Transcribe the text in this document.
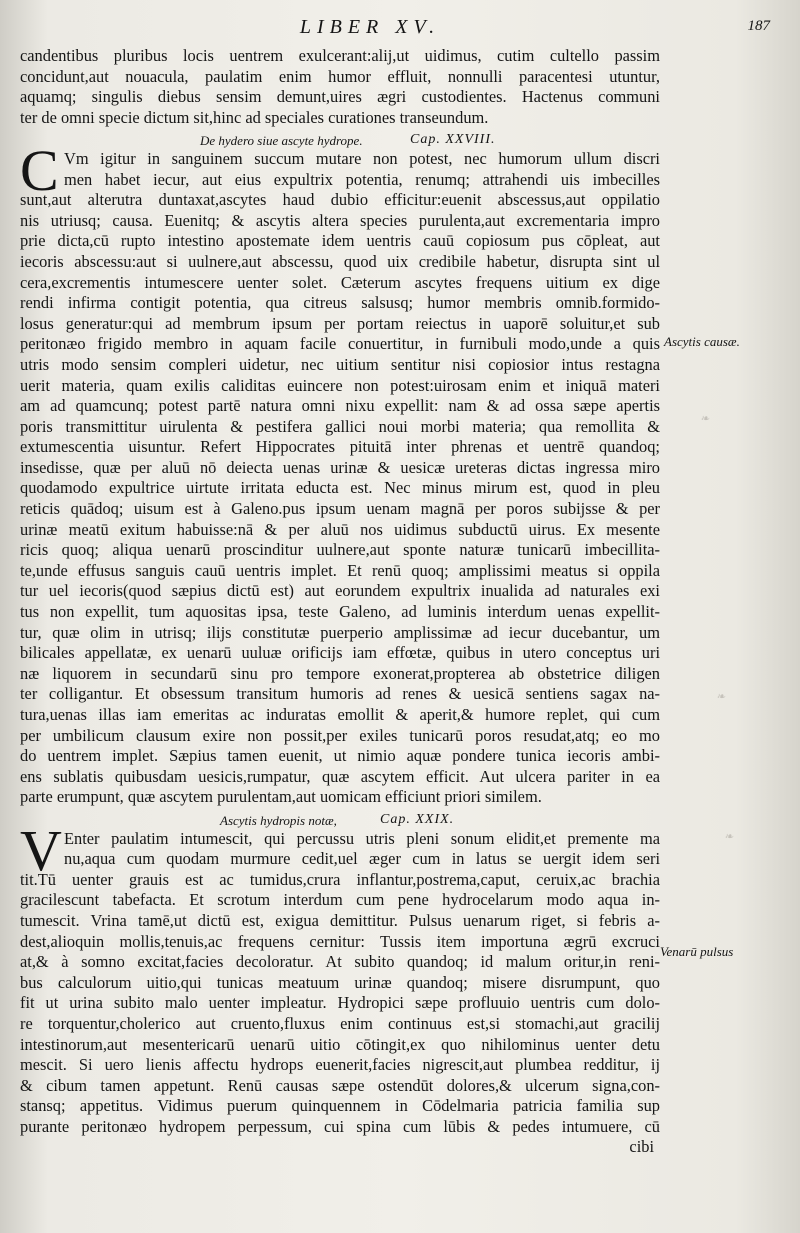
LIBER XV.	187
❧
❧
❧
candentibus pluribus locis uentrem exulcerant:alij,ut uidimus, cutim cultello passim
concidunt,aut nouacula, paulatim enim humor effluit, nonnulli paracentesi utuntur,
aquamq; singulis diebus sensim demunt,uires ægri custodientes. Hactenus communi
ter de omni specie dictum sit,hinc ad speciales curationes transeundum.
De hydero siue ascyte hydrope.	Cap. XXVIII.
C Vm igitur in sanguinem succum mutare non potest, nec humorum ullum discri
men habet iecur, aut eius expultrix potentia, renumq; attrahendi uis imbecilles
sunt,aut alterutra duntaxat,ascytes haud dubio efficitur:euenit abscessus,aut oppilatio
nis utriusq; causa. Euenitq; & ascytis altera species purulenta,aut excrementaria impro
prie dicta,cū rupto intestino apostemate idem uentris cauū copiosum pus cōpleat, aut
iecoris abscessu:aut si uulnere,aut abscessu, quod uix credibile habetur, disrupta sint ul
cera,excrementis intumescere uenter solet. Cæterum ascytes frequens uitium ex dige
rendi infirma contigit potentia, qua citreus salsusq; humor membris omnib.formido-
losus generatur:qui ad membrum ipsum per portam reiectus in uaporē soluitur,et sub
peritonæo frigido membro in aquam facile conuertitur, in furnibuli modo,unde a quis
utris modo sensim compleri uidetur, nec uitium sentitur nisi copiosior intus restagna
uerit materia, quam exilis caliditas euincere non potest:uirosam enim et iniquā materi
am ad quamcunq; potest partē natura omni nixu expellit: nam & ad ossa sæpe apertis
poris transmittitur uirulenta & pestifera gallici noui morbi materia; qua remollita &
extumescentia uisuntur. Refert Hippocrates pituitā inter phrenas et uentrē quandoq;
insedisse, quæ per aluū nō deiecta uenas urinæ & uesicæ ureteras dictas ingressa miro
quodamodo expultrice uirtute irritata educta est. Nec minus mirum est, quod in pleu
reticis quādoq; uisum est à Galeno.pus ipsum uenam magnā per poros subijsse & per
urinæ meatū exitum habuisse:nā & per aluū nos uidimus subductū uirus. Ex mesente
ricis quoq; aliqua uenarū proscinditur uulnere,aut sponte naturæ tunicarū imbecillita-
te,unde effusus sanguis cauū uentris implet. Et renū quoq; amplissimi meatus si oppila
tur uel iecoris(quod sæpius dictū est) aut eorundem expultrix inualida ad naturales exi
tus non expellit, tum aquositas ipsa, teste Galeno, ad luminis interdum uenas expellit-
tur, quæ olim in utrisq; ilijs constitutæ puerperio amplissimæ ad iecur ducebantur, um
bilicales appellatæ, ex uenarū uuluæ orificijs iam effœtæ, quibus in utero conceptus uri
næ liquorem in secundarū sinu pro tempore exonerat,propterea ab obstetrice diligen
ter colligantur. Et obsessum transitum humoris ad renes & uesicā sentiens sagax na-
tura,uenas illas iam emeritas ac induratas emollit & aperit,& humore replet, qui cum
per umbilicum clausum exire non possit,per exiles tunicarū poros resudat,atq; eo mo
do uentrem implet. Sæpius tamen euenit, ut nimio aquæ pondere tunica iecoris ambi-
ens sublatis quibusdam uesicis,rumpatur, quæ ascytem efficit. Aut ulcera pariter in ea
parte erumpunt, quæ ascytem purulentam,aut uomicam efficiunt priori similem.
Ascytis hydropis notæ,	Cap. XXIX.
V Enter paulatim intumescit, qui percussu utris pleni sonum elidit,et premente ma
nu,aqua cum quodam murmure cedit,uel æger cum in latus se uergit idem seri
tit.Tū uenter grauis est ac tumidus,crura inflantur,postrema,caput, ceruix,ac brachia
gracilescunt tabefacta. Et scrotum interdum cum pene hydrocelarum modo aqua in-
tumescit. Vrina tamē,ut dictū est, exigua demittitur. Pulsus uenarum riget, si febris a-
dest,alioquin mollis,tenuis,ac frequens cernitur: Tussis item importuna ægrū excruci
at,& à somno excitat,facies decoloratur. At subito quandoq; id malum oritur,in reni-
bus calculorum uitio,qui tunicas meatuum urinæ quandoq; misere disrumpunt, quo
fit ut urina subito malo uenter impleatur. Hydropici sæpe profluuio uentris cum dolo-
re torquentur,cholerico aut cruento,fluxus enim continuus est,si stomachi,aut gracilij
intestinorum,aut mesentericarū uenarū uitio cōtingit,ex quo nihilominus uenter detu
mescit. Si uero lienis affectu hydrops euenerit,facies nigrescit,aut plumbea redditur, ij
& cibum tamen appetunt. Renū causas sæpe ostendūt dolores,& ulcerum signa,con-
stansq; appetitus. Vidimus puerum quinquennem in Cōdelmaria patricia familia sup
purante peritonæo hydropem perpessum, cui spina cum lūbis & pedes intumuere, cū
cibi
Ascytis causæ.
Venarū pulsus
